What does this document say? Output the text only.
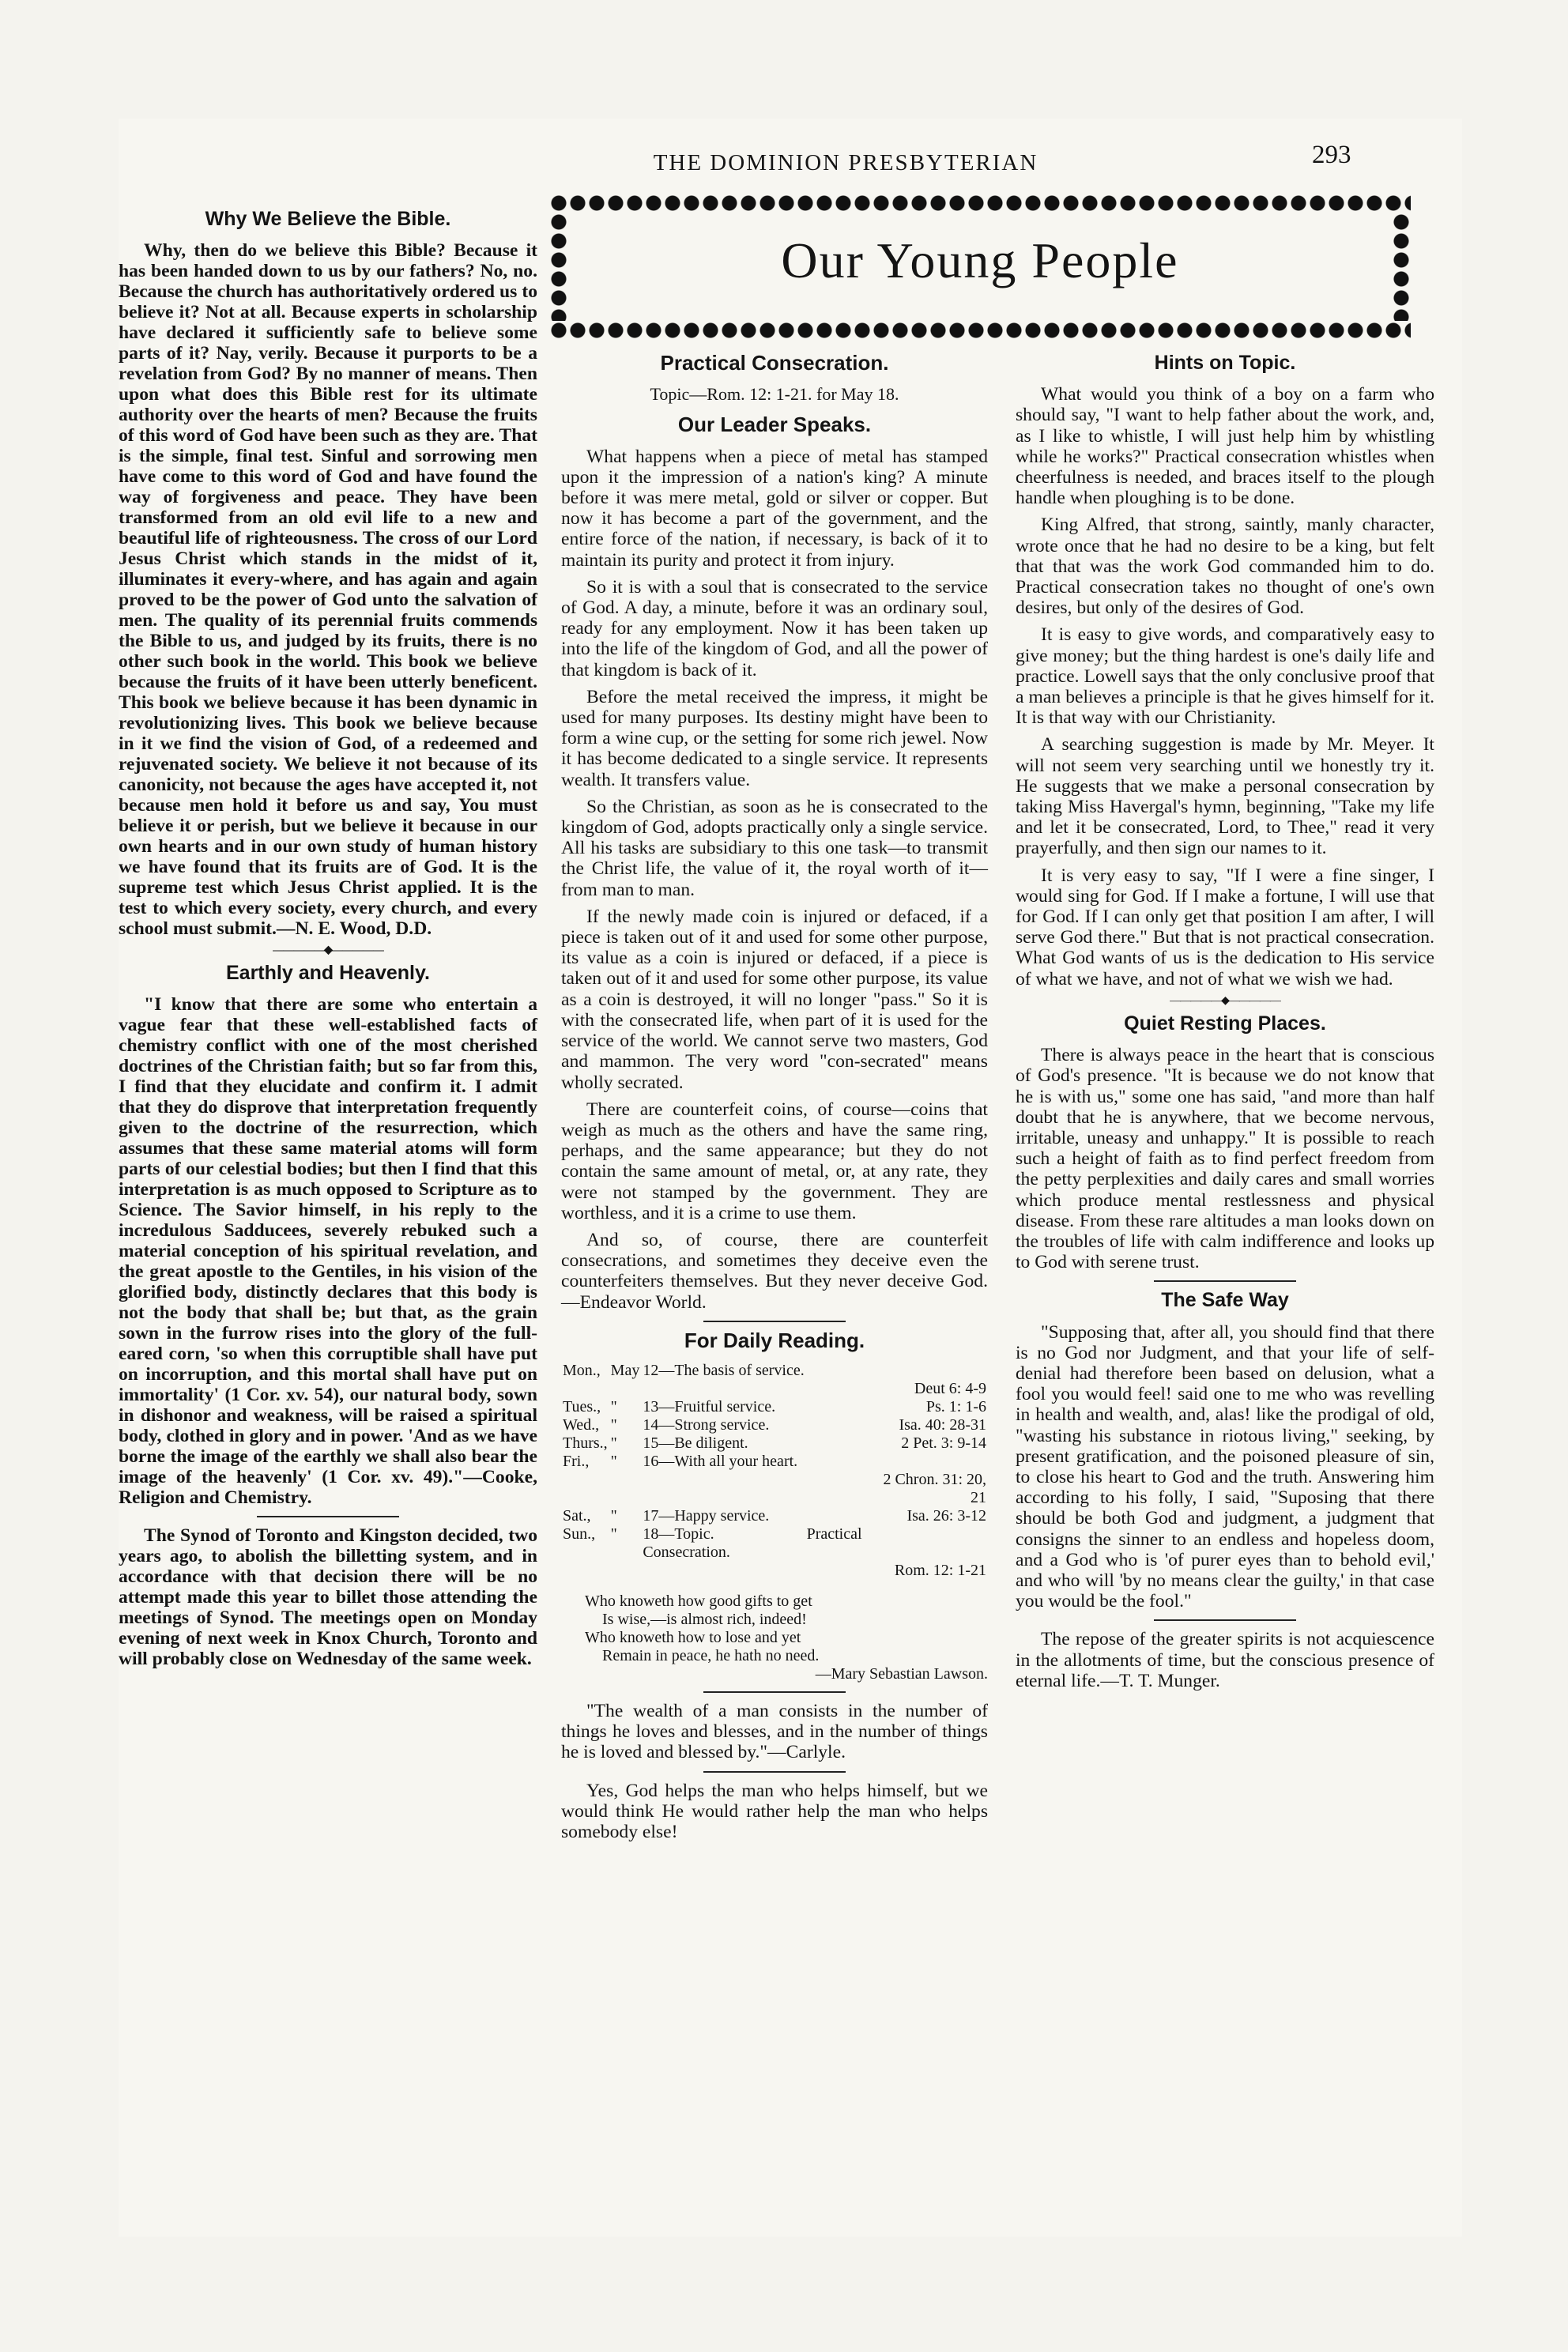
THE DOMINION PRESBYTERIAN	293
Our Young People
Why We Believe the Bible.

Why, then do we believe this Bible? Because it has been handed down to us by our fathers? No, no. Because the church has authoritatively ordered us to believe it? Not at all. Because experts in scholarship have declared it sufficiently safe to believe some parts of it? Nay, verily. Because it purports to be a revelation from God? By no manner of means. Then upon what does this Bible rest for its ultimate authority over the hearts of men? Because the fruits of this word of God have been such as they are. That is the simple, final test. Sinful and sorrowing men have come to this word of God and have found the way of forgiveness and peace. They have been transformed from an old evil life to a new and beautiful life of righteousness. The cross of our Lord Jesus Christ which stands in the midst of it, illuminates it every-where, and has again and again proved to be the power of God unto the salvation of men. The quality of its perennial fruits commends the Bible to us, and judged by its fruits, there is no other such book in the world. This book we believe because the fruits of it have been utterly beneficent. This book we believe because it has been dynamic in revolutionizing lives. This book we believe because in it we find the vision of God, of a redeemed and rejuvenated society. We believe it not because of its canonicity, not because the ages have accepted it, not because men hold it before us and say, You must believe it or perish, but we believe it because in our own hearts and in our own study of human history we have found that its fruits are of God. It is the supreme test which Jesus Christ applied. It is the test to which every society, every church, and every school must submit.—N. E. Wood, D.D.

―――――◆―――――
Earthly and Heavenly.

"I know that there are some who entertain a vague fear that these well-established facts of chemistry conflict with one of the most cherished doctrines of the Christian faith; but so far from this, I find that they elucidate and confirm it. I admit that they do disprove that interpretation frequently given to the doctrine of the resurrection, which assumes that these same material atoms will form parts of our celestial bodies; but then I find that this interpretation is as much opposed to Scripture as to Science. The Savior himself, in his reply to the incredulous Sadducees, severely rebuked such a material conception of his spiritual revelation, and the great apostle to the Gentiles, in his vision of the glorified body, distinctly declares that this body is not the body that shall be; but that, as the grain sown in the furrow rises into the glory of the full-eared corn, 'so when this corruptible shall have put on incorruption, and this mortal shall have put on immortality' (1 Cor. xv. 54), our natural body, sown in dishonor and weakness, will be raised a spiritual body, clothed in glory and in power. 'And as we have borne the image of the earthly we shall also bear the image of the heavenly' (1 Cor. xv. 49)."—Cooke, Religion and Chemistry.

The Synod of Toronto and Kingston decided, two years ago, to abolish the billetting system, and in accordance with that decision there will be no attempt made this year to billet those attending the meetings of Synod. The meetings open on Monday evening of next week in Knox Church, Toronto and will probably close on Wednesday of the same week.

Practical Consecration.

Topic—Rom. 12: 1-21. for May 18.

Our Leader Speaks.

What happens when a piece of metal has stamped upon it the impression of a nation's king? A minute before it was mere metal, gold or silver or copper. But now it has become a part of the government, and the entire force of the nation, if necessary, is back of it to maintain its purity and protect it from injury.

So it is with a soul that is consecrated to the service of God. A day, a minute, before it was an ordinary soul, ready for any employment. Now it has been taken up into the life of the kingdom of God, and all the power of that kingdom is back of it.

Before the metal received the impress, it might be used for many purposes. Its destiny might have been to form a wine cup, or the setting for some rich jewel. Now it has become dedicated to a single service. It represents wealth. It transfers value.

So the Christian, as soon as he is consecrated to the kingdom of God, adopts practically only a single service. All his tasks are subsidiary to this one task—to transmit the Christ life, the value of it, the royal worth of it—from man to man.

If the newly made coin is injured or defaced, if a piece is taken out of it and used for some other purpose, its value as a coin is injured or defaced, if a piece is taken out of it and used for some other purpose, its value as a coin is destroyed, it will no longer "pass." So it is with the consecrated life, when part of it is used for the service of the world. We cannot serve two masters, God and mammon. The very word "con-secrated" means wholly secrated.

There are counterfeit coins, of course—coins that weigh as much as the others and have the same ring, perhaps, and the same appearance; but they do not contain the same amount of metal, or, at any rate, they were not stamped by the government. They are worthless, and it is a crime to use them.

And so, of course, there are counterfeit consecrations, and sometimes they deceive even the counterfeiters themselves. But they never deceive God.—Endeavor World.

For Daily Reading.
Mon.,	May	12—The basis of service.	
			Deut 6: 4-9
Tues.,	"	13—Fruitful service.	Ps. 1: 1-6
Wed.,	"	14—Strong service.	Isa. 40: 28-31
Thurs.,	"	15—Be diligent.	2 Pet. 3: 9-14
Fri.,	"	16—With all your heart.	
			2 Chron. 31: 20, 21
Sat.,	"	17—Happy service.	Isa. 26: 3-12
Sun.,	"	18—Topic. Practical Consecration.	
			Rom. 12: 1-21
Who knoweth how good gifts to get
Is wise,—is almost rich, indeed!
Who knoweth how to lose and yet
Remain in peace, he hath no need.
—Mary Sebastian Lawson.

"The wealth of a man consists in the number of things he loves and blesses, and in the number of things he is loved and blessed by."—Carlyle.

Yes, God helps the man who helps himself, but we would think He would rather help the man who helps somebody else!

Hints on Topic.

What would you think of a boy on a farm who should say, "I want to help father about the work, and, as I like to whistle, I will just help him by whistling while he works?" Practical consecration whistles when cheerfulness is needed, and braces itself to the plough handle when ploughing is to be done.

King Alfred, that strong, saintly, manly character, wrote once that he had no desire to be a king, but felt that that was the work God commanded him to do. Practical consecration takes no thought of one's own desires, but only of the desires of God.

It is easy to give words, and comparatively easy to give money; but the thing hardest is one's daily life and practice. Lowell says that the only conclusive proof that a man believes a principle is that he gives himself for it. It is that way with our Christianity.

A searching suggestion is made by Mr. Meyer. It will not seem very searching until we honestly try it. He suggests that we make a personal consecration by taking Miss Havergal's hymn, beginning, "Take my life and let it be consecrated, Lord, to Thee," read it very prayerfully, and then sign our names to it.

It is very easy to say, "If I were a fine singer, I would sing for God. If I make a fortune, I will use that for God. If I can only get that position I am after, I will serve God there." But that is not practical consecration. What God wants of us is the dedication to His service of what we have, and not of what we wish we had.

―――――◆―――――
Quiet Resting Places.

There is always peace in the heart that is conscious of God's presence. "It is because we do not know that he is with us," some one has said, "and more than half doubt that he is anywhere, that we become nervous, irritable, uneasy and unhappy." It is possible to reach such a height of faith as to find perfect freedom from the petty perplexities and daily cares and small worries which produce mental restlessness and physical disease. From these rare altitudes a man looks down on the troubles of life with calm indifference and looks up to God with serene trust.

The Safe Way

"Supposing that, after all, you should find that there is no God nor Judgment, and that your life of self-denial had therefore been based on delusion, what a fool you would feel! said one to me who was revelling in health and wealth, and, alas! like the prodigal of old, "wasting his substance in riotous living," seeking, by present gratification, and the poisoned pleasure of sin, to close his heart to God and the truth. Answering him according to his folly, I said, "Suposing that there should be both God and judgment, a judgment that consigns the sinner to an endless and hopeless doom, and a God who is 'of purer eyes than to behold evil,' and who will 'by no means clear the guilty,' in that case you would be the fool."

The repose of the greater spirits is not acquiescence in the allotments of time, but the conscious presence of eternal life.—T. T. Munger.
